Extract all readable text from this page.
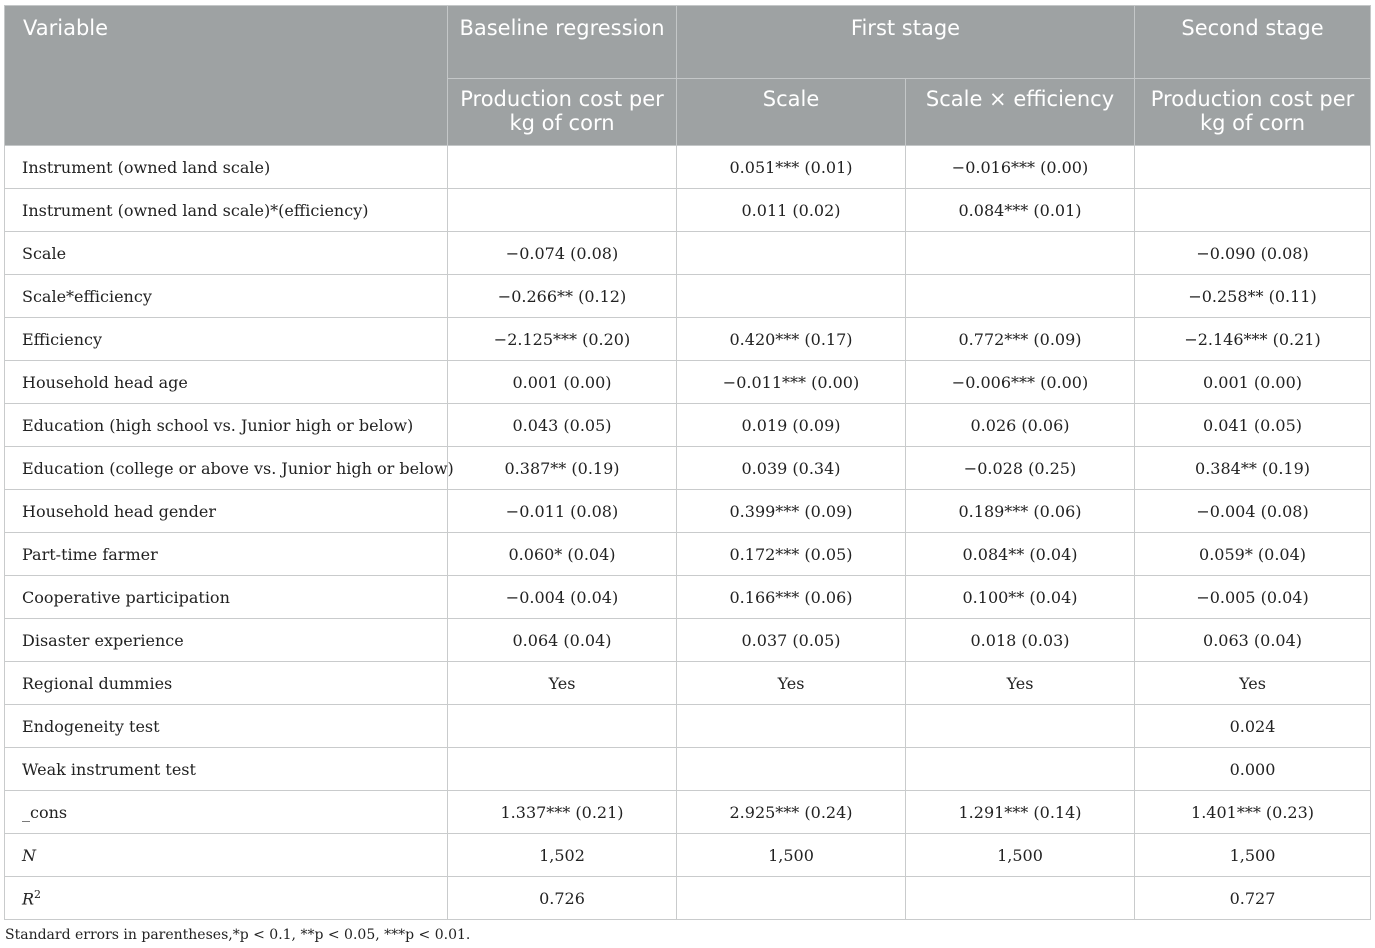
Variable	Baseline regression	First stage		Second stage
	Production cost per kg of corn	Scale	Scale × efficiency	Production cost per kg of corn
Instrument (owned land scale)		0.051*** (0.01)	−0.016*** (0.00)	
Instrument (owned land scale)*(efficiency)		0.011 (0.02)	0.084*** (0.01)	
Scale	−0.074 (0.08)			−0.090 (0.08)
Scale*efficiency	−0.266** (0.12)			−0.258** (0.11)
Efficiency	−2.125*** (0.20)	0.420*** (0.17)	0.772*** (0.09)	−2.146*** (0.21)
Household head age	0.001 (0.00)	−0.011*** (0.00)	−0.006*** (0.00)	0.001 (0.00)
Education (high school vs. Junior high or below)	0.043 (0.05)	0.019 (0.09)	0.026 (0.06)	0.041 (0.05)
Education (college or above vs. Junior high or below)	0.387** (0.19)	0.039 (0.34)	−0.028 (0.25)	0.384** (0.19)
Household head gender	−0.011 (0.08)	0.399*** (0.09)	0.189*** (0.06)	−0.004 (0.08)
Part-time farmer	0.060* (0.04)	0.172*** (0.05)	0.084** (0.04)	0.059* (0.04)
Cooperative participation	−0.004 (0.04)	0.166*** (0.06)	0.100** (0.04)	−0.005 (0.04)
Disaster experience	0.064 (0.04)	0.037 (0.05)	0.018 (0.03)	0.063 (0.04)
Regional dummies	Yes	Yes	Yes	Yes
Endogeneity test				0.024
Weak instrument test				0.000
_cons	1.337*** (0.21)	2.925*** (0.24)	1.291*** (0.14)	1.401*** (0.23)
N	1,502	1,500	1,500	1,500
$R^2$	0.726			0.727
Standard errors in parentheses,*p < 0.1, **p < 0.05, ***p < 0.01.
